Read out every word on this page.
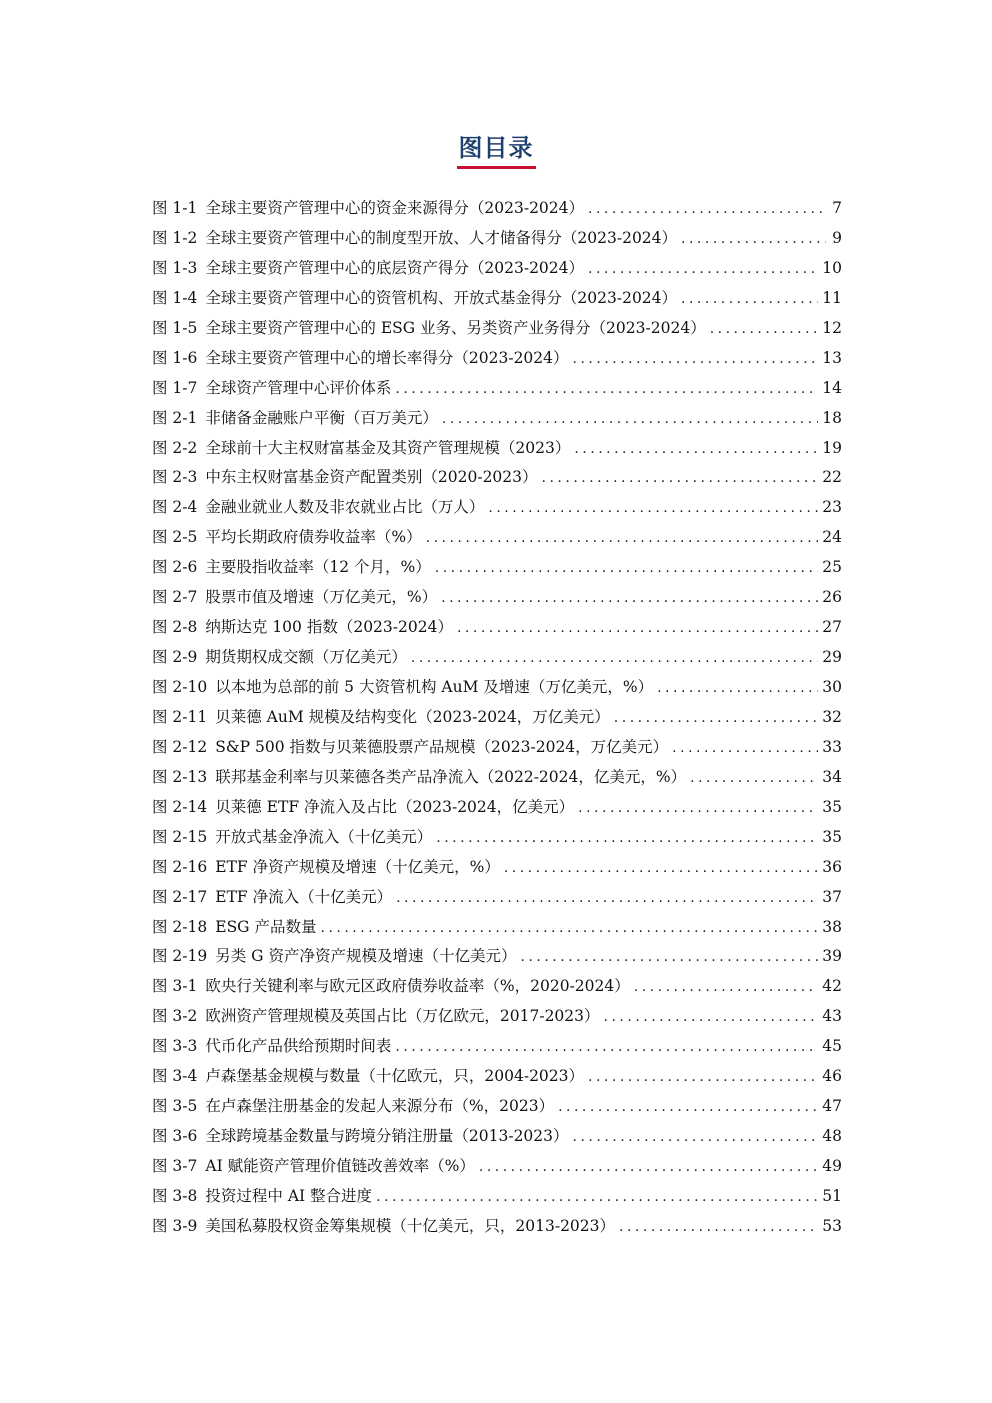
图目录
图 1-1 全球主要资产管理中心的资金来源得分（2023-2024） .....	7
图 1-2 全球主要资产管理中心的制度型开放、人才储备得分（2023-2024） .....	9
图 1-3 全球主要资产管理中心的底层资产得分（2023-2024） .....	10
图 1-4 全球主要资产管理中心的资管机构、开放式基金得分（2023-2024） .....	11
图 1-5 全球主要资产管理中心的 ESG 业务、另类资产业务得分（2023-2024） .....	12
图 1-6 全球主要资产管理中心的增长率得分（2023-2024） .....	13
图 1-7 全球资产管理中心评价体系 .....	14
图 2-1 非储备金融账户平衡（百万美元） .....	18
图 2-2 全球前十大主权财富基金及其资产管理规模（2023） .....	19
图 2-3 中东主权财富基金资产配置类别（2020-2023） .....	22
图 2-4 金融业就业人数及非农就业占比（万人） .....	23
图 2-5 平均长期政府债券收益率（%） .....	24
图 2-6 主要股指收益率（12 个月，%） .....	25
图 2-7 股票市值及增速（万亿美元，%） .....	26
图 2-8 纳斯达克 100 指数（2023-2024） .....	27
图 2-9 期货期权成交额（万亿美元） .....	29
图 2-10 以本地为总部的前 5 大资管机构 AuM 及增速（万亿美元，%） .....	30
图 2-11 贝莱德 AuM 规模及结构变化（2023-2024，万亿美元） .....	32
图 2-12 S&P 500 指数与贝莱德股票产品规模（2023-2024，万亿美元） .....	33
图 2-13 联邦基金利率与贝莱德各类产品净流入（2022-2024，亿美元，%） .....	34
图 2-14 贝莱德 ETF 净流入及占比（2023-2024，亿美元） .....	35
图 2-15 开放式基金净流入（十亿美元） .....	35
图 2-16 ETF 净资产规模及增速（十亿美元，%） .....	36
图 2-17 ETF 净流入（十亿美元） .....	37
图 2-18 ESG 产品数量 .....	38
图 2-19 另类 G 资产净资产规模及增速（十亿美元） .....	39
图 3-1 欧央行关键利率与欧元区政府债券收益率（%，2020-2024） .....	42
图 3-2 欧洲资产管理规模及英国占比（万亿欧元，2017-2023） .....	43
图 3-3 代币化产品供给预期时间表 .....	45
图 3-4 卢森堡基金规模与数量（十亿欧元，只，2004-2023） .....	46
图 3-5 在卢森堡注册基金的发起人来源分布（%，2023） .....	47
图 3-6 全球跨境基金数量与跨境分销注册量（2013-2023） .....	48
图 3-7 AI 赋能资产管理价值链改善效率（%） .....	49
图 3-8 投资过程中 AI 整合进度 .....	51
图 3-9 美国私募股权资金筹集规模（十亿美元，只，2013-2023） .....	53
